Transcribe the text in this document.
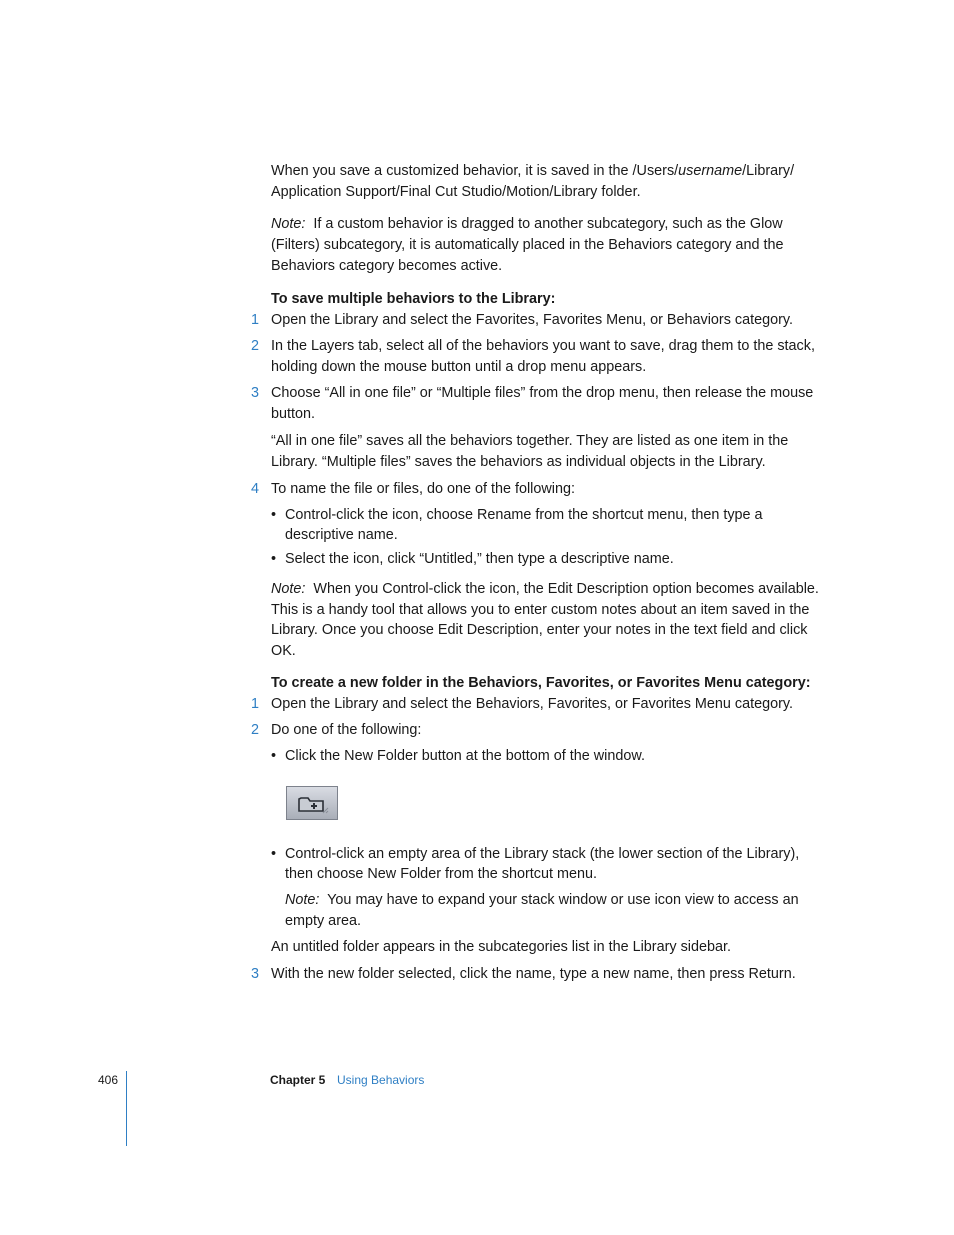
When you save a customized behavior, it is saved in the /Users/username/Library/ Application Support/Final Cut Studio/Motion/Library folder.

Note: If a custom behavior is dragged to another subcategory, such as the Glow (Filters) subcategory, it is automatically placed in the Behaviors category and the Behaviors category becomes active.

To save multiple behaviors to the Library:

1 Open the Library and select the Favorites, Favorites Menu, or Behaviors category.
2 In the Layers tab, select all of the behaviors you want to save, drag them to the stack, holding down the mouse button until a drop menu appears.
3 Choose “All in one file” or “Multiple files” from the drop menu, then release the mouse button.

“All in one file” saves all the behaviors together. They are listed as one item in the Library. “Multiple files” saves the behaviors as individual objects in the Library.

4 To name the file or files, do one of the following:
• Control-click the icon, choose Rename from the shortcut menu, then type a descriptive name.
• Select the icon, click “Untitled,” then type a descriptive name.

Note: When you Control-click the icon, the Edit Description option becomes available. This is a handy tool that allows you to enter custom notes about an item saved in the Library. Once you choose Edit Description, enter your notes in the text field and click OK.

To create a new folder in the Behaviors, Favorites, or Favorites Menu category:

1 Open the Library and select the Behaviors, Favorites, or Favorites Menu category.
2 Do one of the following:
• Click the New Folder button at the bottom of the window.
• Control-click an empty area of the Library stack (the lower section of the Library), then choose New Folder from the shortcut menu.

Note: You may have to expand your stack window or use icon view to access an empty area.

An untitled folder appears in the subcategories list in the Library sidebar.

3 With the new folder selected, click the name, type a new name, then press Return.
406	Chapter 5 Using Behaviors
